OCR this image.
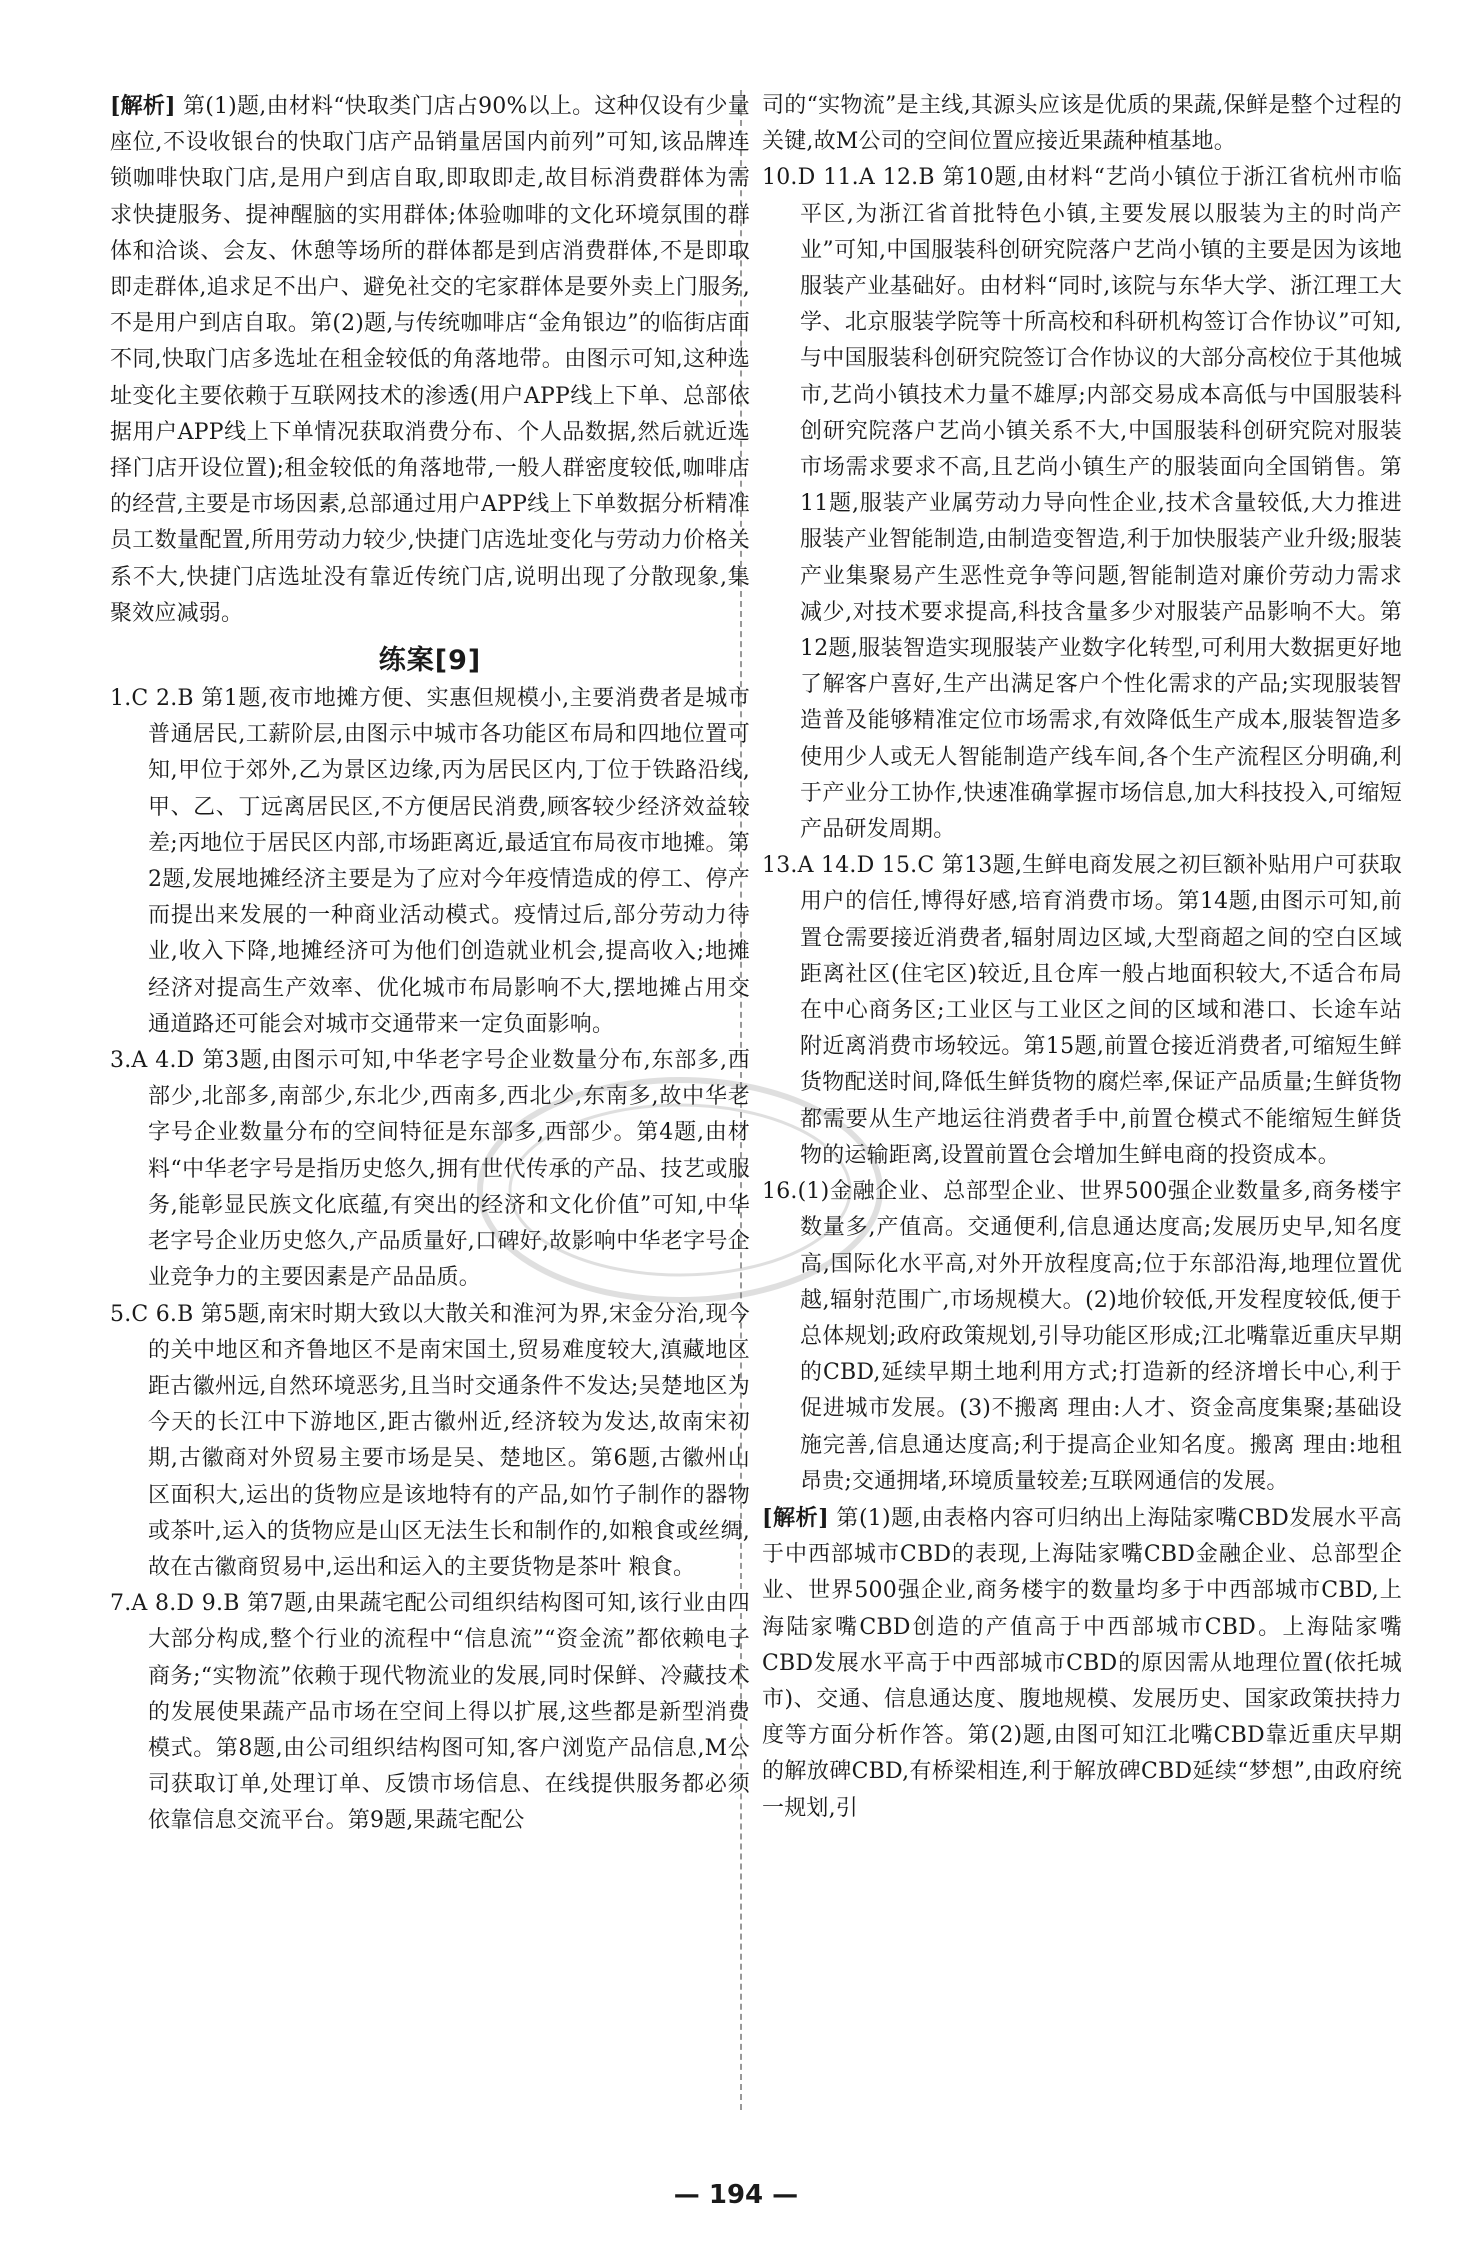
[解析] 第(1)题,由材料“快取类门店占90%以上。这种仅设有少量座位,不设收银台的快取门店产品销量居国内前列”可知,该品牌连锁咖啡快取门店,是用户到店自取,即取即走,故目标消费群体为需求快捷服务、提神醒脑的实用群体;体验咖啡的文化环境氛围的群体和洽谈、会友、休憩等场所的群体都是到店消费群体,不是即取即走群体,追求足不出户、避免社交的宅家群体是要外卖上门服务,不是用户到店自取。第(2)题,与传统咖啡店“金角银边”的临街店面不同,快取门店多选址在租金较低的角落地带。由图示可知,这种选址变化主要依赖于互联网技术的渗透(用户APP线上下单、总部依据用户APP线上下单情况获取消费分布、个人品数据,然后就近选择门店开设位置);租金较低的角落地带,一般人群密度较低,咖啡店的经营,主要是市场因素,总部通过用户APP线上下单数据分析精准员工数量配置,所用劳动力较少,快捷门店选址变化与劳动力价格关系不大,快捷门店选址没有靠近传统门店,说明出现了分散现象,集聚效应减弱。

练案[9]

1.C 2.B 第1题,夜市地摊方便、实惠但规模小,主要消费者是城市普通居民,工薪阶层,由图示中城市各功能区布局和四地位置可知,甲位于郊外,乙为景区边缘,丙为居民区内,丁位于铁路沿线,甲、乙、丁远离居民区,不方便居民消费,顾客较少经济效益较差;丙地位于居民区内部,市场距离近,最适宜布局夜市地摊。第2题,发展地摊经济主要是为了应对今年疫情造成的停工、停产而提出来发展的一种商业活动模式。疫情过后,部分劳动力待业,收入下降,地摊经济可为他们创造就业机会,提高收入;地摊经济对提高生产效率、优化城市布局影响不大,摆地摊占用交通道路还可能会对城市交通带来一定负面影响。

3.A 4.D 第3题,由图示可知,中华老字号企业数量分布,东部多,西部少,北部多,南部少,东北少,西南多,西北少,东南多,故中华老字号企业数量分布的空间特征是东部多,西部少。第4题,由材料“中华老字号是指历史悠久,拥有世代传承的产品、技艺或服务,能彰显民族文化底蕴,有突出的经济和文化价值”可知,中华老字号企业历史悠久,产品质量好,口碑好,故影响中华老字号企业竞争力的主要因素是产品品质。

5.C 6.B 第5题,南宋时期大致以大散关和淮河为界,宋金分治,现今的关中地区和齐鲁地区不是南宋国土,贸易难度较大,滇藏地区距古徽州远,自然环境恶劣,且当时交通条件不发达;吴楚地区为今天的长江中下游地区,距古徽州近,经济较为发达,故南宋初期,古徽商对外贸易主要市场是吴、楚地区。第6题,古徽州山区面积大,运出的货物应是该地特有的产品,如竹子制作的器物或茶叶,运入的货物应是山区无法生长和制作的,如粮食或丝绸,故在古徽商贸易中,运出和运入的主要货物是茶叶 粮食。

7.A 8.D 9.B 第7题,由果蔬宅配公司组织结构图可知,该行业由四大部分构成,整个行业的流程中“信息流”“资金流”都依赖电子商务;“实物流”依赖于现代物流业的发展,同时保鲜、冷藏技术的发展使果蔬产品市场在空间上得以扩展,这些都是新型消费模式。第8题,由公司组织结构图可知,客户浏览产品信息,M公司获取订单,处理订单、反馈市场信息、在线提供服务都必须依靠信息交流平台。第9题,果蔬宅配公

司的“实物流”是主线,其源头应该是优质的果蔬,保鲜是整个过程的关键,故M公司的空间位置应接近果蔬种植基地。

10.D 11.A 12.B 第10题,由材料“艺尚小镇位于浙江省杭州市临平区,为浙江省首批特色小镇,主要发展以服装为主的时尚产业”可知,中国服装科创研究院落户艺尚小镇的主要是因为该地服装产业基础好。由材料“同时,该院与东华大学、浙江理工大学、北京服装学院等十所高校和科研机构签订合作协议”可知,与中国服装科创研究院签订合作协议的大部分高校位于其他城市,艺尚小镇技术力量不雄厚;内部交易成本高低与中国服装科创研究院落户艺尚小镇关系不大,中国服装科创研究院对服装市场需求要求不高,且艺尚小镇生产的服装面向全国销售。第11题,服装产业属劳动力导向性企业,技术含量较低,大力推进服装产业智能制造,由制造变智造,利于加快服装产业升级;服装产业集聚易产生恶性竞争等问题,智能制造对廉价劳动力需求减少,对技术要求提高,科技含量多少对服装产品影响不大。第12题,服装智造实现服装产业数字化转型,可利用大数据更好地了解客户喜好,生产出满足客户个性化需求的产品;实现服装智造普及能够精准定位市场需求,有效降低生产成本,服装智造多使用少人或无人智能制造产线车间,各个生产流程区分明确,利于产业分工协作,快速准确掌握市场信息,加大科技投入,可缩短产品研发周期。

13.A 14.D 15.C 第13题,生鲜电商发展之初巨额补贴用户可获取用户的信任,博得好感,培育消费市场。第14题,由图示可知,前置仓需要接近消费者,辐射周边区域,大型商超之间的空白区域距离社区(住宅区)较近,且仓库一般占地面积较大,不适合布局在中心商务区;工业区与工业区之间的区域和港口、长途车站附近离消费市场较远。第15题,前置仓接近消费者,可缩短生鲜货物配送时间,降低生鲜货物的腐烂率,保证产品质量;生鲜货物都需要从生产地运往消费者手中,前置仓模式不能缩短生鲜货物的运输距离,设置前置仓会增加生鲜电商的投资成本。

16.(1)金融企业、总部型企业、世界500强企业数量多,商务楼宇数量多,产值高。交通便利,信息通达度高;发展历史早,知名度高,国际化水平高,对外开放程度高;位于东部沿海,地理位置优越,辐射范围广,市场规模大。(2)地价较低,开发程度较低,便于总体规划;政府政策规划,引导功能区形成;江北嘴靠近重庆早期的CBD,延续早期土地利用方式;打造新的经济增长中心,利于促进城市发展。(3)不搬离 理由:人才、资金高度集聚;基础设施完善,信息通达度高;利于提高企业知名度。搬离 理由:地租昂贵;交通拥堵,环境质量较差;互联网通信的发展。

[解析] 第(1)题,由表格内容可归纳出上海陆家嘴CBD发展水平高于中西部城市CBD的表现,上海陆家嘴CBD金融企业、总部型企业、世界500强企业,商务楼宇的数量均多于中西部城市CBD,上海陆家嘴CBD创造的产值高于中西部城市CBD。上海陆家嘴CBD发展水平高于中西部城市CBD的原因需从地理位置(依托城市)、交通、信息通达度、腹地规模、发展历史、国家政策扶持力度等方面分析作答。第(2)题,由图可知江北嘴CBD靠近重庆早期的解放碑CBD,有桥梁相连,利于解放碑CBD延续“梦想”,由政府统一规划,引

— 194 —
